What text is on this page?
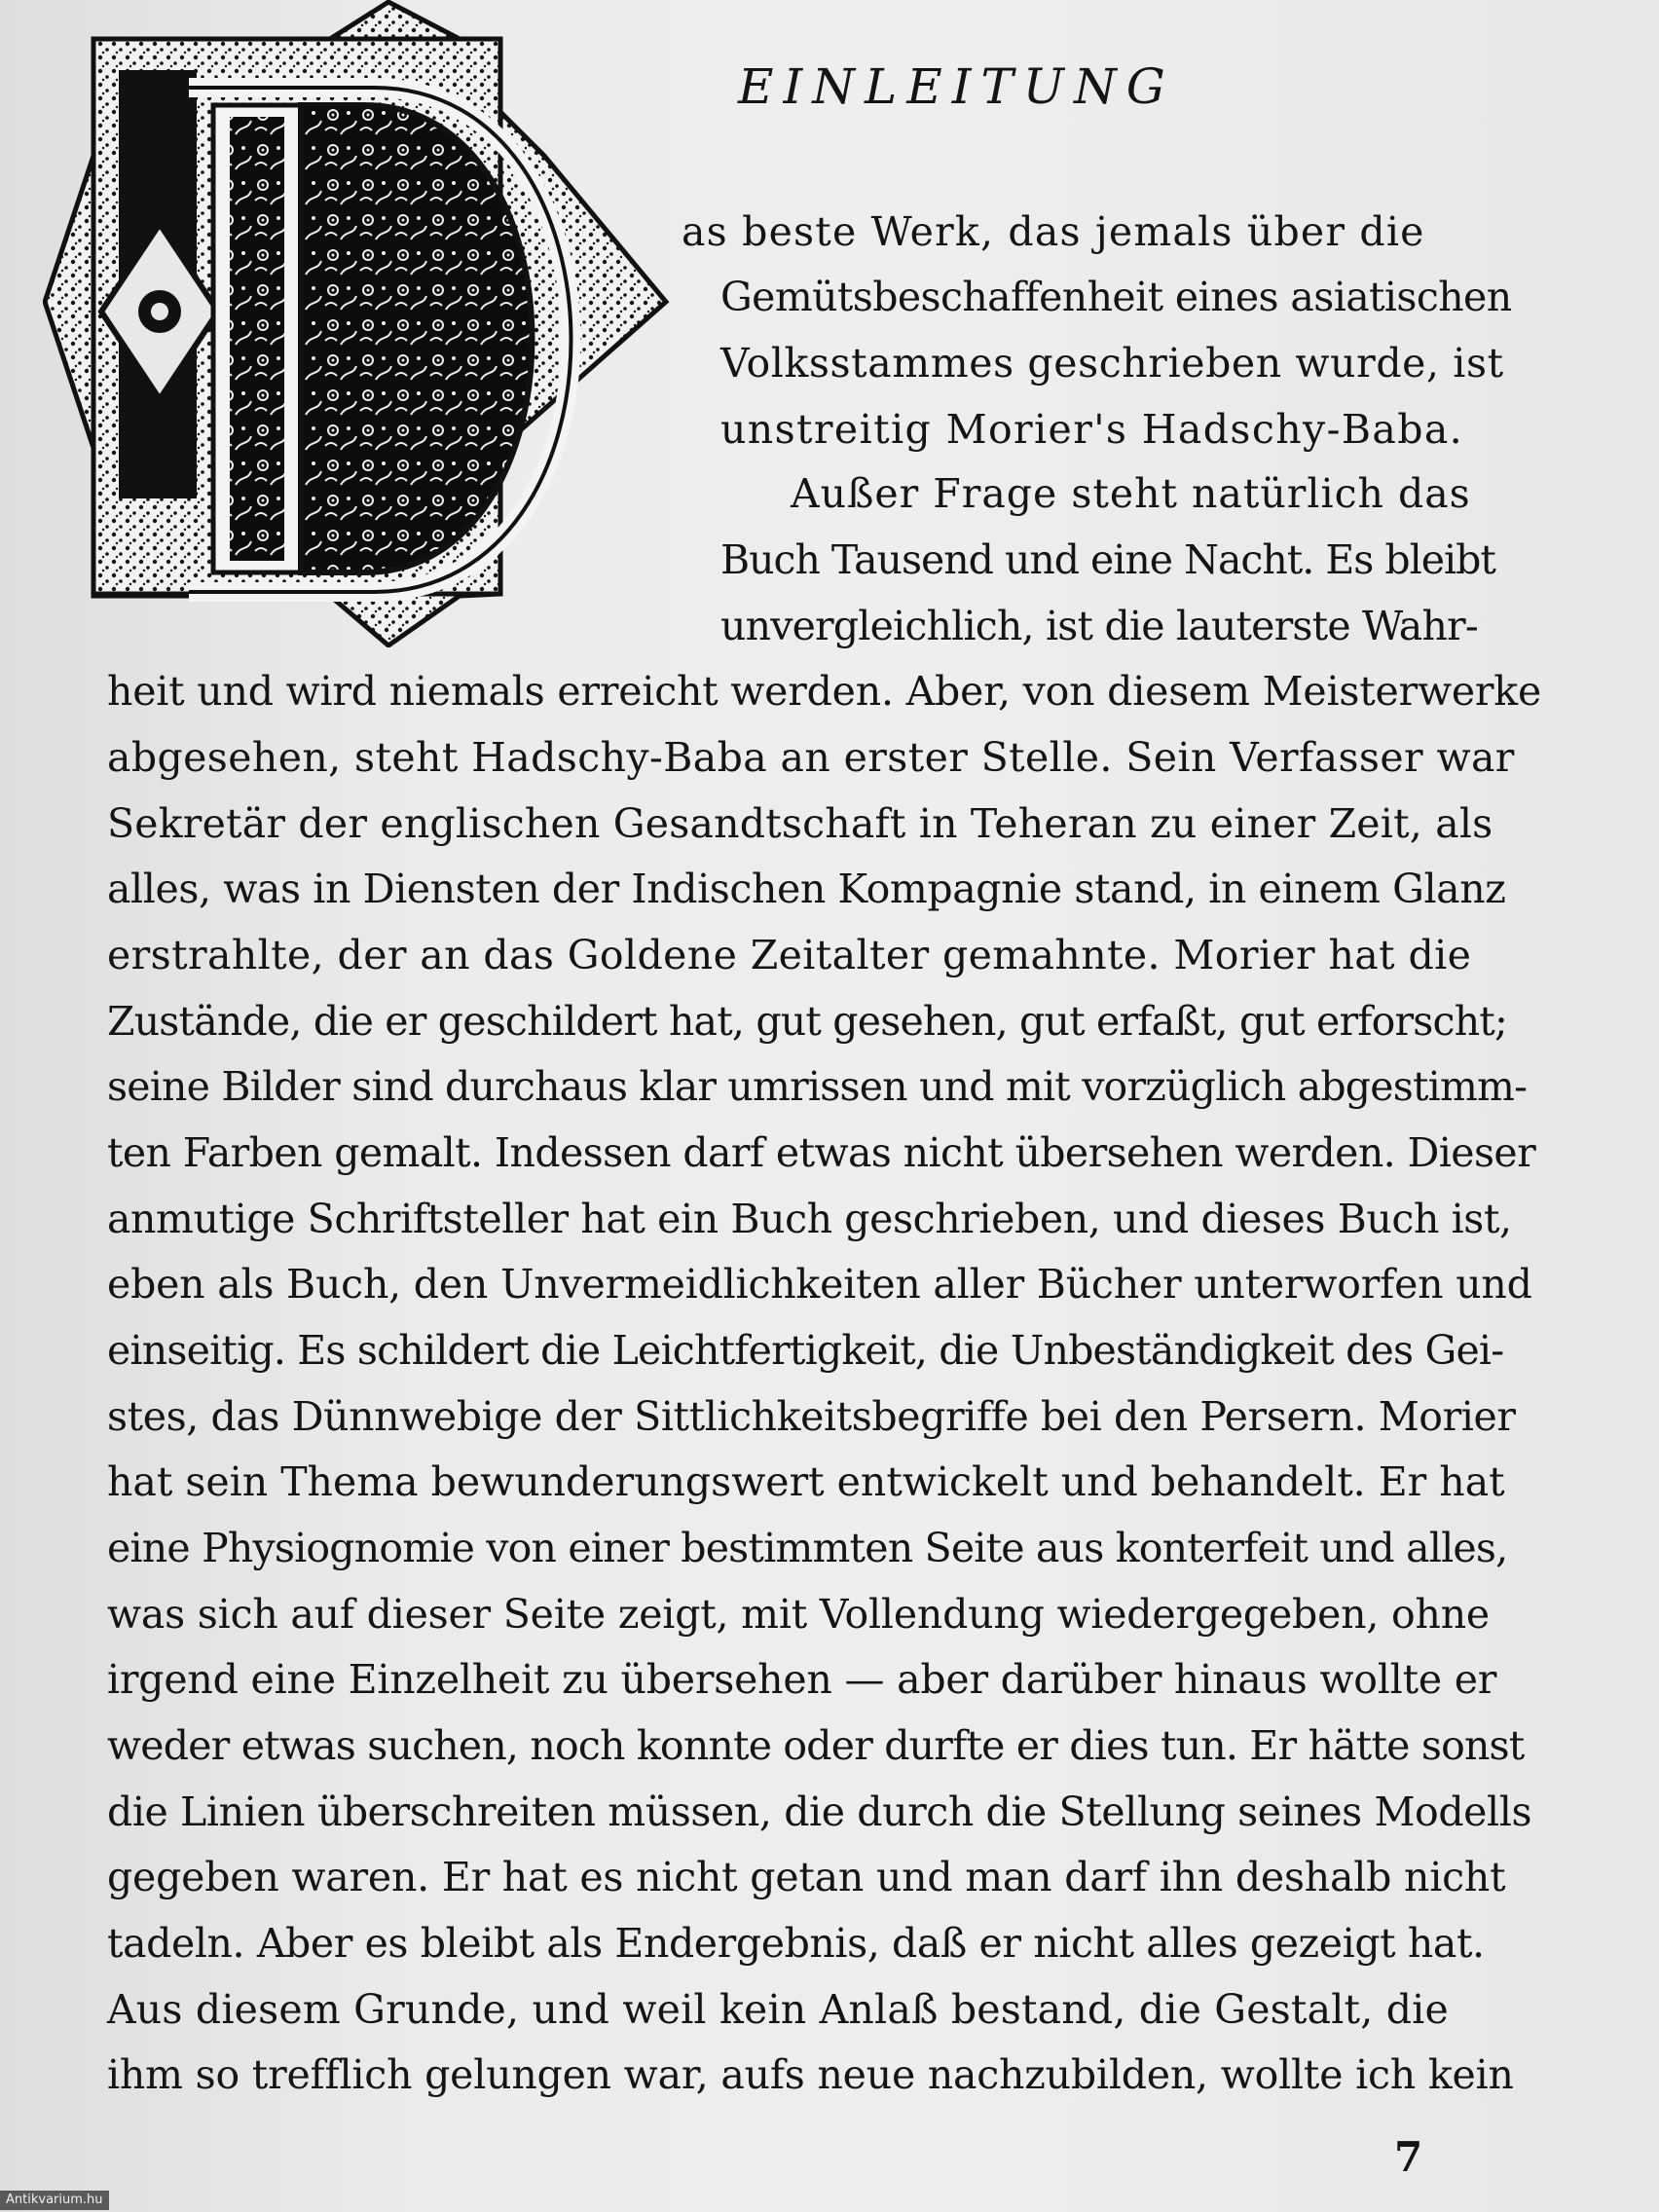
EINLEITUNG
as beste Werk, das jemals über die
Gemütsbeschaffenheit eines asiatischen
Volksstammes geschrieben wurde, ist
unstreitig Morier's Hadschy-Baba.
Außer Frage steht natürlich das
Buch Tausend und eine Nacht. Es bleibt
unvergleichlich, ist die lauterste Wahr-
heit und wird niemals erreicht werden. Aber, von diesem Meisterwerke
abgesehen, steht Hadschy-Baba an erster Stelle. Sein Verfasser war
Sekretär der englischen Gesandtschaft in Teheran zu einer Zeit, als
alles, was in Diensten der Indischen Kompagnie stand, in einem Glanz
erstrahlte, der an das Goldene Zeitalter gemahnte. Morier hat die
Zustände, die er geschildert hat, gut gesehen, gut erfaßt, gut erforscht;
seine Bilder sind durchaus klar umrissen und mit vorzüglich abgestimm-
ten Farben gemalt. Indessen darf etwas nicht übersehen werden. Dieser
anmutige Schriftsteller hat ein Buch geschrieben, und dieses Buch ist,
eben als Buch, den Unvermeidlichkeiten aller Bücher unterworfen und
einseitig. Es schildert die Leichtfertigkeit, die Unbeständigkeit des Gei-
stes, das Dünnwebige der Sittlichkeitsbegriffe bei den Persern. Morier
hat sein Thema bewunderungswert entwickelt und behandelt. Er hat
eine Physiognomie von einer bestimmten Seite aus konterfeit und alles,
was sich auf dieser Seite zeigt, mit Vollendung wiedergegeben, ohne
irgend eine Einzelheit zu übersehen — aber darüber hinaus wollte er
weder etwas suchen, noch konnte oder durfte er dies tun. Er hätte sonst
die Linien überschreiten müssen, die durch die Stellung seines Modells
gegeben waren. Er hat es nicht getan und man darf ihn deshalb nicht
tadeln. Aber es bleibt als Endergebnis, daß er nicht alles gezeigt hat.
Aus diesem Grunde, und weil kein Anlaß bestand, die Gestalt, die
ihm so trefflich gelungen war, aufs neue nachzubilden, wollte ich kein
7
Antikvarium.hu
